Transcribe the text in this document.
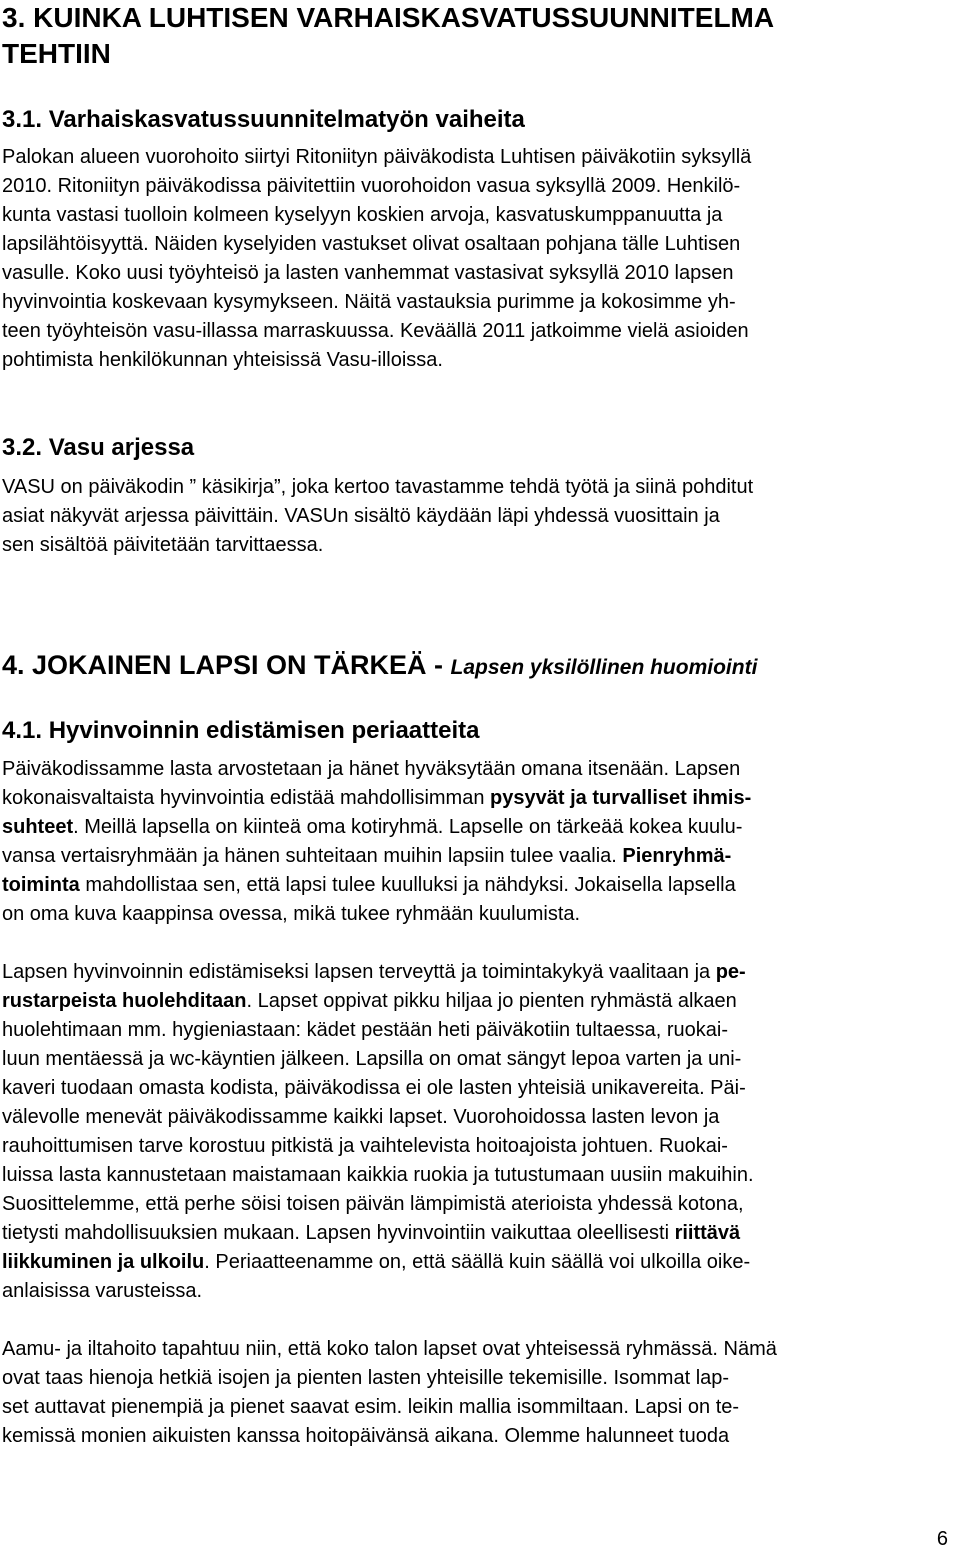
3. KUINKA LUHTISEN VARHAISKASVATUSSUUNNITELMA
TEHTIIN
3.1. Varhaiskasvatussuunnitelmatyön vaiheita

Palokan alueen vuorohoito siirtyi Ritoniityn päiväkodista Luhtisen päiväkotiin syksyllä
2010. Ritoniityn päiväkodissa päivitettiin vuorohoidon vasua syksyllä 2009. Henkilö-
kunta vastasi tuolloin kolmeen kyselyyn koskien arvoja, kasvatuskumppanuutta ja
lapsilähtöisyyttä. Näiden kyselyiden vastukset olivat osaltaan pohjana tälle Luhtisen
vasulle. Koko uusi työyhteisö ja lasten vanhemmat vastasivat syksyllä 2010 lapsen
hyvinvointia koskevaan kysymykseen. Näitä vastauksia purimme ja kokosimme yh-
teen työyhteisön vasu-illassa marraskuussa. Keväällä 2011 jatkoimme vielä asioiden
pohtimista henkilökunnan yhteisissä Vasu-illoissa.

3.2. Vasu arjessa

VASU on päiväkodin ” käsikirja”, joka kertoo tavastamme tehdä työtä ja siinä pohditut
asiat näkyvät arjessa päivittäin. VASUn sisältö käydään läpi yhdessä vuosittain ja
sen sisältöä päivitetään tarvittaessa.

4. JOKAINEN LAPSI ON TÄRKEÄ - Lapsen yksilöllinen huomiointi
4.1. Hyvinvoinnin edistämisen periaatteita

Päiväkodissamme lasta arvostetaan ja hänet hyväksytään omana itsenään. Lapsen
kokonaisvaltaista hyvinvointia edistää mahdollisimman pysyvät ja turvalliset ihmis-
suhteet. Meillä lapsella on kiinteä oma kotiryhmä. Lapselle on tärkeää kokea kuulu-
vansa vertaisryhmään ja hänen suhteitaan muihin lapsiin tulee vaalia. Pienryhmä-
toiminta mahdollistaa sen, että lapsi tulee kuulluksi ja nähdyksi. Jokaisella lapsella
on oma kuva kaappinsa ovessa, mikä tukee ryhmään kuulumista.

Lapsen hyvinvoinnin edistämiseksi lapsen terveyttä ja toimintakykyä vaalitaan ja pe-
rustarpeista huolehditaan. Lapset oppivat pikku hiljaa jo pienten ryhmästä alkaen
huolehtimaan mm. hygieniastaan: kädet pestään heti päiväkotiin tultaessa, ruokai-
luun mentäessä ja wc-käyntien jälkeen. Lapsilla on omat sängyt lepoa varten ja uni-
kaveri tuodaan omasta kodista, päiväkodissa ei ole lasten yhteisiä unikavereita. Päi-
välevolle menevät päiväkodissamme kaikki lapset. Vuorohoidossa lasten levon ja
rauhoittumisen tarve korostuu pitkistä ja vaihtelevista hoitoajoista johtuen. Ruokai-
luissa lasta kannustetaan maistamaan kaikkia ruokia ja tutustumaan uusiin makuihin.
Suosittelemme, että perhe söisi toisen päivän lämpimistä aterioista yhdessä kotona,
tietysti mahdollisuuksien mukaan. Lapsen hyvinvointiin vaikuttaa oleellisesti riittävä
liikkuminen ja ulkoilu. Periaatteenamme on, että säällä kuin säällä voi ulkoilla oike-
anlaisissa varusteissa.

Aamu- ja iltahoito tapahtuu niin, että koko talon lapset ovat yhteisessä ryhmässä. Nämä
ovat taas hienoja hetkiä isojen ja pienten lasten yhteisille tekemisille. Isommat lap-
set auttavat pienempiä ja pienet saavat esim. leikin mallia isommiltaan. Lapsi on te-
kemissä monien aikuisten kanssa hoitopäivänsä aikana. Olemme halunneet tuoda

6
